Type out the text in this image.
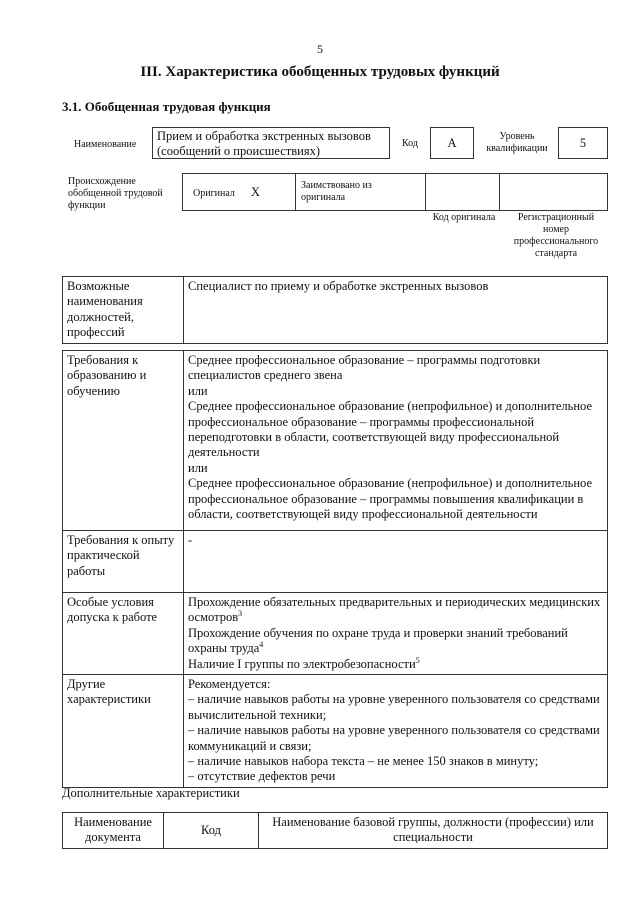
5
III. Характеристика обобщенных трудовых функций
3.1. Обобщенная трудовая функция
Наименование
Прием и обработка экстренных вызовов (сообщений о происшествиях)
Код	А	Уровень квалификации	5
Происхождение обобщенной трудовой функции
Оригинал Х	Заимствовано из оригинала
Код оригинала	Регистрационный номер профессионального стандарта
Возможные наименования должностей, профессий	Специалист по приему и обработке экстренных вызовов
Требования к образованию и обучению	Среднее профессиональное образование – программы подготовки специалистов среднего звена
или
Среднее профессиональное образование (непрофильное) и дополнительное профессиональное образование – программы профессиональной переподготовки в области, соответствующей виду профессиональной деятельности
или
Среднее профессиональное образование (непрофильное) и дополнительное профессиональное образование – программы повышения квалификации в области, соответствующей виду профессиональной деятельности

Требования к опыту практической работы	-
Особые условия допуска к работе	Прохождение обязательных предварительных и периодических медицинских осмотров$^3$
Прохождение обучения по охране труда и проверки знаний требований охраны труда$^4$
Наличие I группы по электробезопасности$^5$

Другие характеристики	Рекомендуется:
– наличие навыков работы на уровне уверенного пользователя со средствами вычислительной техники;
– наличие навыков работы на уровне уверенного пользователя со средствами коммуникаций и связи;
– наличие навыков набора текста – не менее 150 знаков в минуту;
– отсутствие дефектов речи
Дополнительные характеристики
Наименование документа	Код	Наименование базовой группы, должности (профессии) или специальности
